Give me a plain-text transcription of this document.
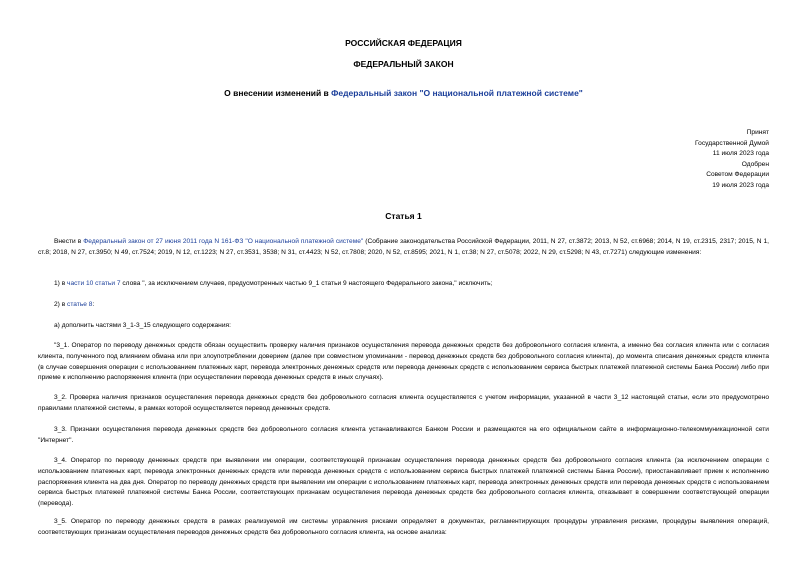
РОССИЙСКАЯ ФЕДЕРАЦИЯ
ФЕДЕРАЛЬНЫЙ ЗАКОН
О внесении изменений в Федеральный закон "О национальной платежной системе"
Принят
Государственной Думой
11 июля 2023 года
Одобрен
Советом Федерации
19 июля 2023 года
Статья 1
Внести в Федеральный закон от 27 июня 2011 года N 161-ФЗ "О национальной платежной системе" (Собрание законодательства Российской Федерации, 2011, N 27, ст.3872; 2013, N 52, ст.6968; 2014, N 19, ст.2315, 2317; 2015, N 1, ст.8; 2018, N 27, ст.3950; N 49, ст.7524; 2019, N 12, ст.1223; N 27, ст.3531, 3538; N 31, ст.4423; N 52, ст.7808; 2020, N 52, ст.8595; 2021, N 1, ст.38; N 27, ст.5078; 2022, N 29, ст.5298; N 43, ст.7271) следующие изменения:
1) в части 10 статьи 7 слова ", за исключением случаев, предусмотренных частью 9_1 статьи 9 настоящего Федерального закона," исключить;
2) в статье 8:
а) дополнить частями 3_1-3_15 следующего содержания:
"3_1. Оператор по переводу денежных средств обязан осуществить проверку наличия признаков осуществления перевода денежных средств без добровольного согласия клиента, а именно без согласия клиента или с согласия клиента, полученного под влиянием обмана или при злоупотреблении доверием (далее при совместном упоминании - перевод денежных средств без добровольного согласия клиента), до момента списания денежных средств клиента (в случае совершения операции с использованием платежных карт, перевода электронных денежных средств или перевода денежных средств с использованием сервиса быстрых платежей платежной системы Банка России) либо при приеме к исполнению распоряжения клиента (при осуществлении перевода денежных средств в иных случаях).
3_2. Проверка наличия признаков осуществления перевода денежных средств без добровольного согласия клиента осуществляется с учетом информации, указанной в части 3_12 настоящей статьи, если это предусмотрено правилами платежной системы, в рамках которой осуществляется перевод денежных средств.
3_3. Признаки осуществления перевода денежных средств без добровольного согласия клиента устанавливаются Банком России и размещаются на его официальном сайте в информационно-телекоммуникационной сети "Интернет".
3_4. Оператор по переводу денежных средств при выявлении им операции, соответствующей признакам осуществления перевода денежных средств без добровольного согласия клиента (за исключением операции с использованием платежных карт, перевода электронных денежных средств или перевода денежных средств с использованием сервиса быстрых платежей платежной системы Банка России), приостанавливает прием к исполнению распоряжения клиента на два дня. Оператор по переводу денежных средств при выявлении им операции с использованием платежных карт, перевода электронных денежных средств или перевода денежных средств с использованием сервиса быстрых платежей платежной системы Банка России, соответствующих признакам осуществления перевода денежных средств без добровольного согласия клиента, отказывает в совершении соответствующей операции (перевода).
3_5. Оператор по переводу денежных средств в рамках реализуемой им системы управления рисками определяет в документах, регламентирующих процедуры управления рисками, процедуры выявления операций, соответствующих признакам осуществления переводов денежных средств без добровольного согласия клиента, на основе анализа:
